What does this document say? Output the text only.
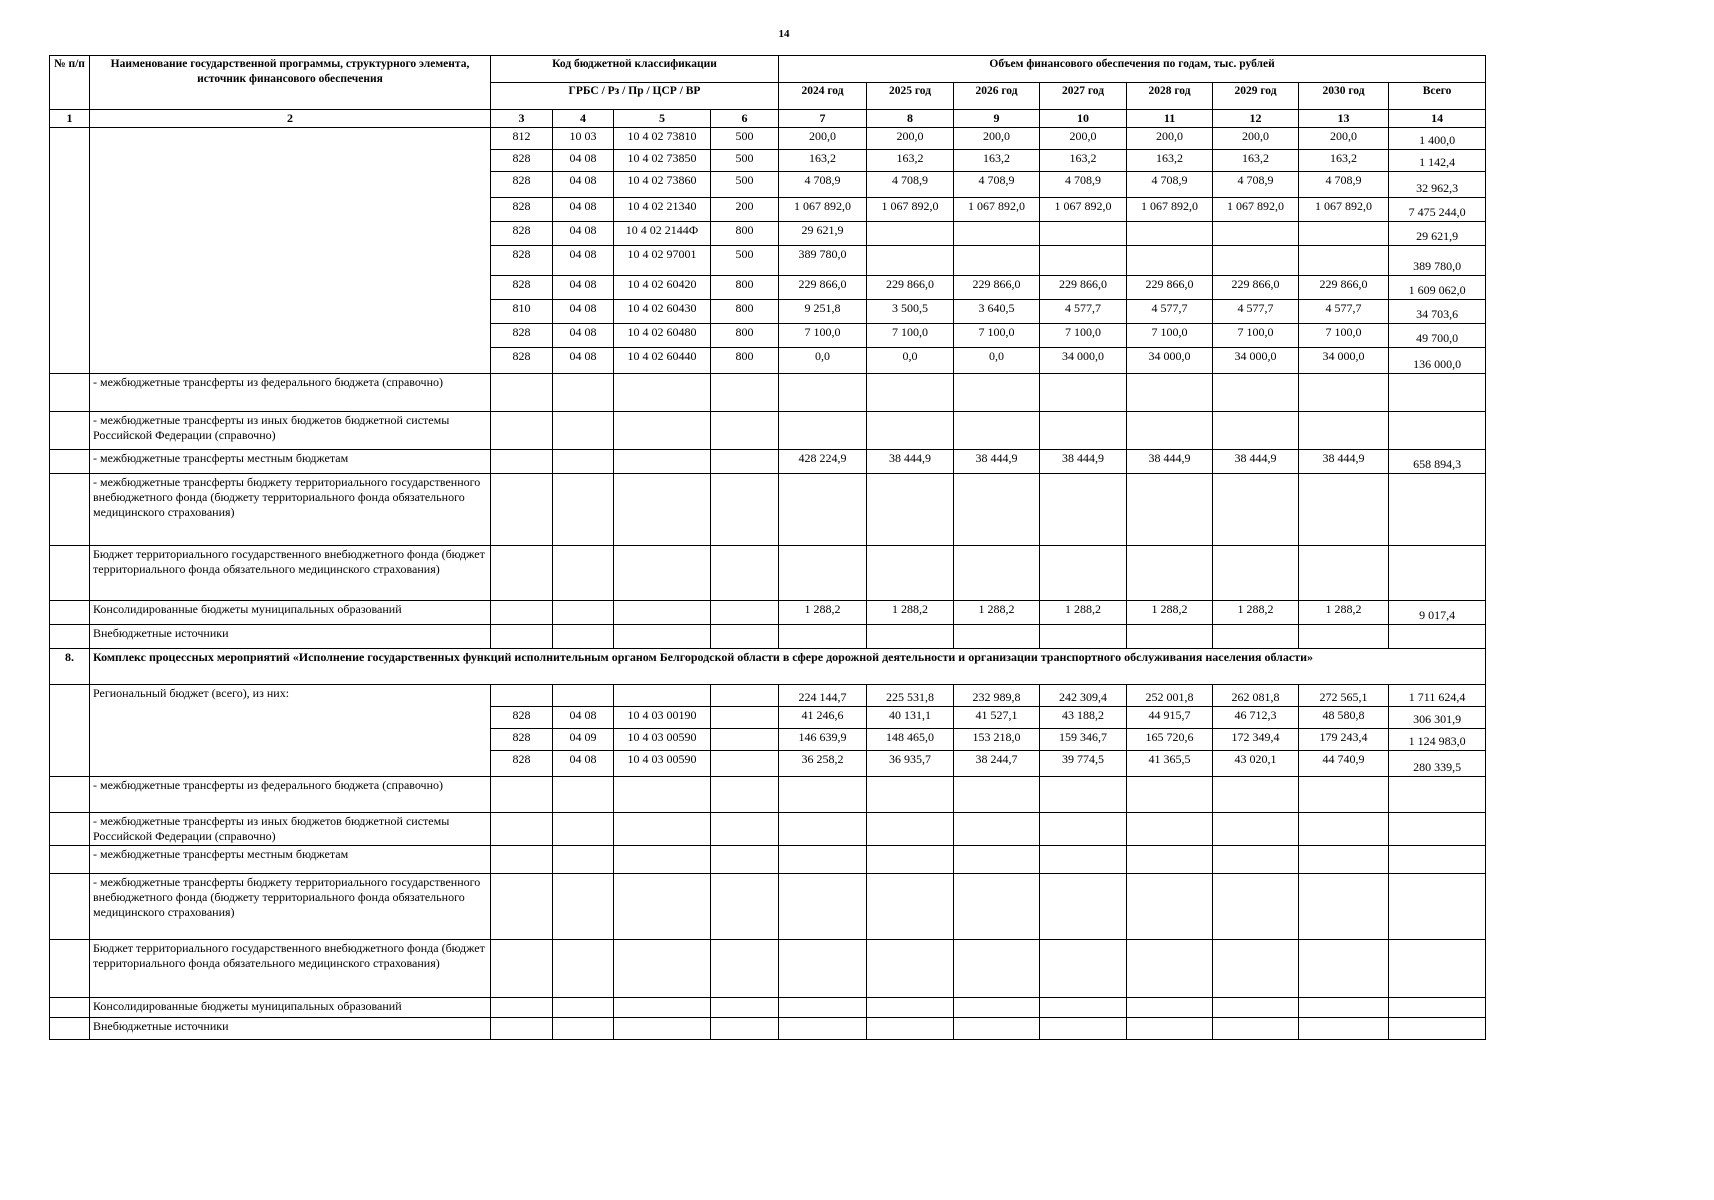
14
№ п/п	Наименование государственной программы, структурного элемента, источник финансового обеспечения	Код бюджетной классификации				Объем финансового обеспечения по годам, тыс. рублей							
		ГРБС / Рз / Пр / ЦСР / ВР				2024 год	2025 год	2026 год	2027 год	2028 год	2029 год	2030 год	Всего
1	2	3	4	5	6	7	8	9	10	11	12	13	14
		812	10 03	10 4 02 73810	500	200,0	200,0	200,0	200,0	200,0	200,0	200,0	1 400,0
		828	04 08	10 4 02 73850	500	163,2	163,2	163,2	163,2	163,2	163,2	163,2	1 142,4
		828	04 08	10 4 02 73860	500	4 708,9	4 708,9	4 708,9	4 708,9	4 708,9	4 708,9	4 708,9	32 962,3
		828	04 08	10 4 02 21340	200	1 067 892,0	1 067 892,0	1 067 892,0	1 067 892,0	1 067 892,0	1 067 892,0	1 067 892,0	7 475 244,0
		828	04 08	10 4 02 2144Ф	800	29 621,9							29 621,9
		828	04 08	10 4 02 97001	500	389 780,0							389 780,0
		828	04 08	10 4 02 60420	800	229 866,0	229 866,0	229 866,0	229 866,0	229 866,0	229 866,0	229 866,0	1 609 062,0
		810	04 08	10 4 02 60430	800	9 251,8	3 500,5	3 640,5	4 577,7	4 577,7	4 577,7	4 577,7	34 703,6
		828	04 08	10 4 02 60480	800	7 100,0	7 100,0	7 100,0	7 100,0	7 100,0	7 100,0	7 100,0	49 700,0
		828	04 08	10 4 02 60440	800	0,0	0,0	0,0	34 000,0	34 000,0	34 000,0	34 000,0	136 000,0
	- межбюджетные трансферты из федерального бюджета (справочно)												
	- межбюджетные трансферты из иных бюджетов бюджетной системы Российской Федерации (справочно)												
	- межбюджетные трансферты местным бюджетам					428 224,9	38 444,9	38 444,9	38 444,9	38 444,9	38 444,9	38 444,9	658 894,3
	- межбюджетные трансферты бюджету территориального государственного внебюджетного фонда (бюджету территориального фонда обязательного медицинского страхования)												
	Бюджет территориального государственного внебюджетного фонда (бюджет территориального фонда обязательного медицинского страхования)												
	Консолидированные бюджеты муниципальных образований					1 288,2	1 288,2	1 288,2	1 288,2	1 288,2	1 288,2	1 288,2	9 017,4
	Внебюджетные источники												
8.	Комплекс процессных мероприятий «Исполнение государственных функций исполнительным органом Белгородской области в сфере дорожной деятельности и организации транспортного обслуживания населения области»												
	Региональный бюджет (всего), из них:					224 144,7	225 531,8	232 989,8	242 309,4	252 001,8	262 081,8	272 565,1	1 711 624,4
		828	04 08	10 4 03 00190		41 246,6	40 131,1	41 527,1	43 188,2	44 915,7	46 712,3	48 580,8	306 301,9
		828	04 09	10 4 03 00590		146 639,9	148 465,0	153 218,0	159 346,7	165 720,6	172 349,4	179 243,4	1 124 983,0
		828	04 08	10 4 03 00590		36 258,2	36 935,7	38 244,7	39 774,5	41 365,5	43 020,1	44 740,9	280 339,5
	- межбюджетные трансферты из федерального бюджета (справочно)												
	- межбюджетные трансферты из иных бюджетов бюджетной системы Российской Федерации (справочно)												
	- межбюджетные трансферты местным бюджетам												
	- межбюджетные трансферты бюджету территориального государственного внебюджетного фонда (бюджету территориального фонда обязательного медицинского страхования)												
	Бюджет территориального государственного внебюджетного фонда (бюджет территориального фонда обязательного медицинского страхования)												
	Консолидированные бюджеты муниципальных образований												
	Внебюджетные источники												
